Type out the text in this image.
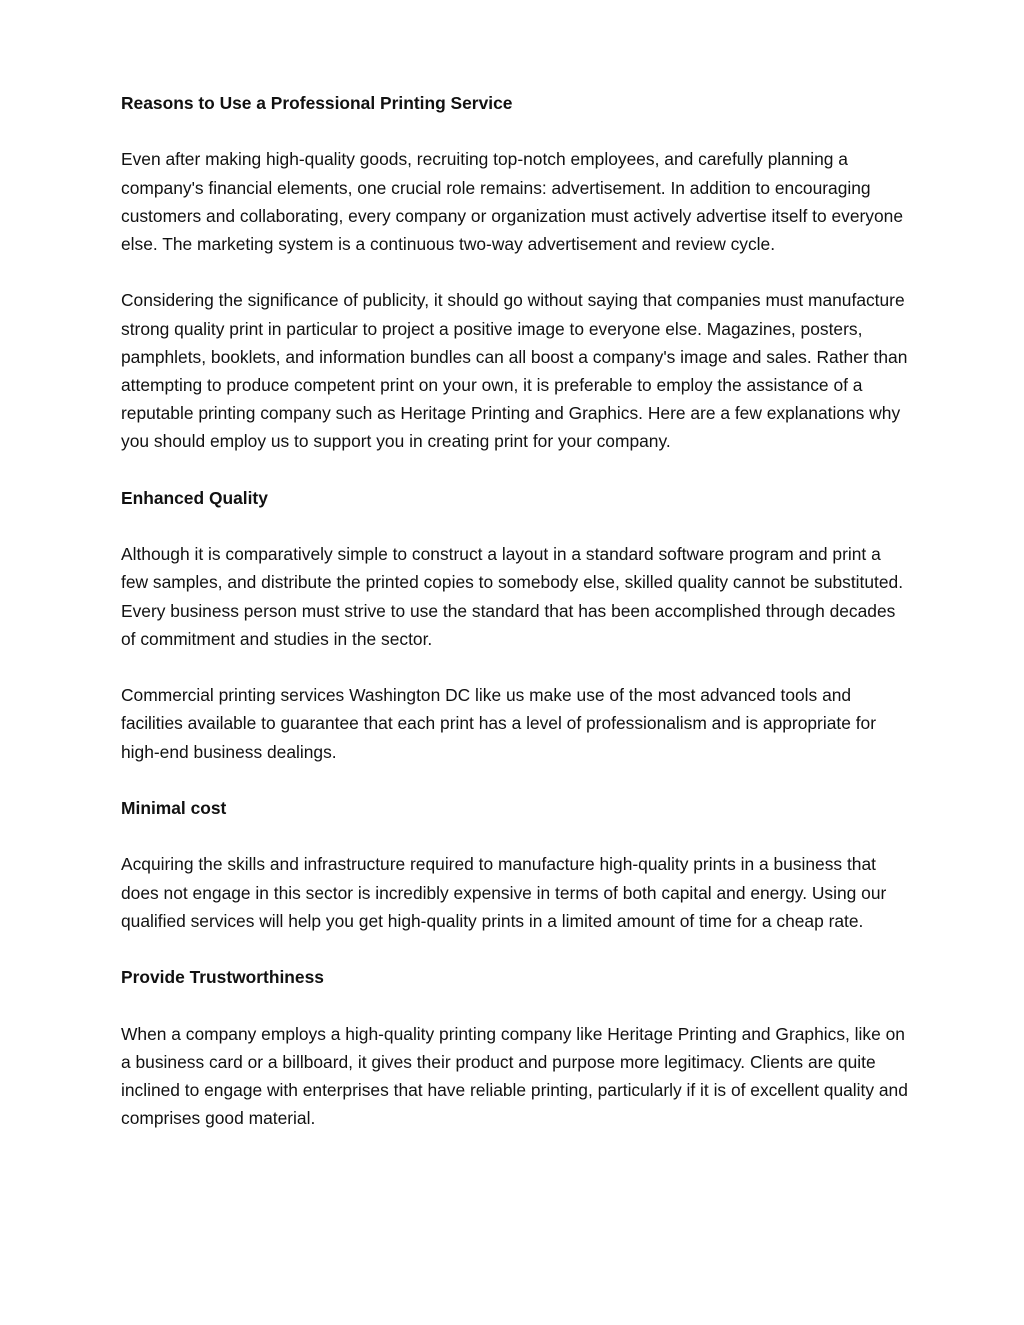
Reasons to Use a Professional Printing Service

Even after making high-quality goods, recruiting top-notch employees, and carefully planning a company's financial elements, one crucial role remains: advertisement. In addition to encouraging customers and collaborating, every company or organization must actively advertise itself to everyone else. The marketing system is a continuous two-way advertisement and review cycle.

Considering the significance of publicity, it should go without saying that companies must manufacture strong quality print in particular to project a positive image to everyone else. Magazines, posters, pamphlets, booklets, and information bundles can all boost a company's image and sales. Rather than attempting to produce competent print on your own, it is preferable to employ the assistance of a reputable printing company such as Heritage Printing and Graphics. Here are a few explanations why you should employ us to support you in creating print for your company.

Enhanced Quality

Although it is comparatively simple to construct a layout in a standard software program and print a few samples, and distribute the printed copies to somebody else, skilled quality cannot be substituted. Every business person must strive to use the standard that has been accomplished through decades of commitment and studies in the sector.

Commercial printing services Washington DC like us make use of the most advanced tools and facilities available to guarantee that each print has a level of professionalism and is appropriate for high-end business dealings.

Minimal cost

Acquiring the skills and infrastructure required to manufacture high-quality prints in a business that does not engage in this sector is incredibly expensive in terms of both capital and energy. Using our qualified services will help you get high-quality prints in a limited amount of time for a cheap rate.

Provide Trustworthiness

When a company employs a high-quality printing company like Heritage Printing and Graphics, like on a business card or a billboard, it gives their product and purpose more legitimacy. Clients are quite inclined to engage with enterprises that have reliable printing, particularly if it is of excellent quality and comprises good material.
